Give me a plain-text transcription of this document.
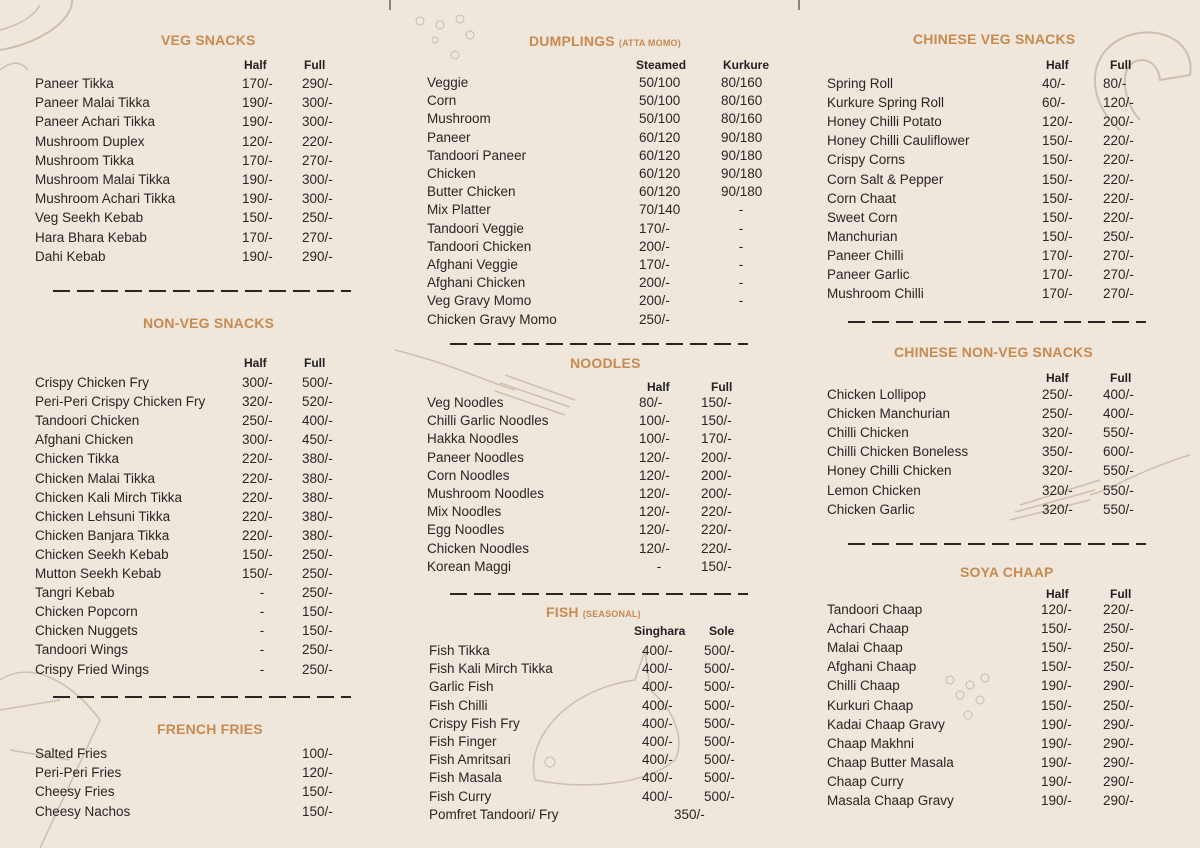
VEG SNACKS
Half	Full
Paneer Tikka	170/-	290/-
Paneer Malai Tikka	190/-	300/-
Paneer Achari Tikka	190/-	300/-
Mushroom Duplex	120/-	220/-
Mushroom Tikka	170/-	270/-
Mushroom Malai Tikka	190/-	300/-
Mushroom Achari Tikka	190/-	300/-
Veg Seekh Kebab	150/-	250/-
Hara Bhara Kebab	170/-	270/-
Dahi Kebab	190/-	290/-
NON-VEG SNACKS
Half	Full
Crispy Chicken Fry	300/-	500/-
Peri-Peri Crispy Chicken Fry	320/-	520/-
Tandoori Chicken	250/-	400/-
Afghani Chicken	300/-	450/-
Chicken Tikka	220/-	380/-
Chicken Malai Tikka	220/-	380/-
Chicken Kali Mirch Tikka	220/-	380/-
Chicken Lehsuni Tikka	220/-	380/-
Chicken Banjara Tikka	220/-	380/-
Chicken Seekh Kebab	150/-	250/-
Mutton Seekh Kebab	150/-	250/-
Tangri Kebab	-	250/-
Chicken Popcorn	-	150/-
Chicken Nuggets	-	150/-
Tandoori Wings	-	250/-
Crispy Fried Wings	-	250/-
FRENCH FRIES
Salted Fries	100/-
Peri-Peri Fries	120/-
Cheesy Fries	150/-
Cheesy Nachos	150/-
DUMPLINGS (ATTA MOMO)
Steamed	Kurkure
Veggie	50/100	80/160
Corn	50/100	80/160
Mushroom	50/100	80/160
Paneer	60/120	90/180
Tandoori Paneer	60/120	90/180
Chicken	60/120	90/180
Butter Chicken	60/120	90/180
Mix Platter	70/140	-
Tandoori Veggie	170/-	-
Tandoori Chicken	200/-	-
Afghani Veggie	170/-	-
Afghani Chicken	200/-	-
Veg Gravy Momo	200/-	-
Chicken Gravy Momo	250/-
NOODLES
Half	Full
Veg Noodles	80/-	150/-
Chilli Garlic Noodles	100/-	150/-
Hakka Noodles	100/-	170/-
Paneer Noodles	120/-	200/-
Corn Noodles	120/-	200/-
Mushroom Noodles	120/-	200/-
Mix Noodles	120/-	220/-
Egg Noodles	120/-	220/-
Chicken Noodles	120/-	220/-
Korean Maggi	-	150/-
FISH (SEASONAL)
Singhara Sole
Fish Tikka	400/-	500/-
Fish Kali Mirch Tikka	400/-	500/-
Garlic Fish	400/-	500/-
Fish Chilli	400/-	500/-
Crispy Fish Fry	400/-	500/-
Fish Finger	400/-	500/-
Fish Amritsari	400/-	500/-
Fish Masala	400/-	500/-
Fish Curry	400/-	500/-
Pomfret Tandoori/ Fry	350/-
CHINESE VEG SNACKS
Half	Full
Spring Roll	40/-	80/-
Kurkure Spring Roll	60/-	120/-
Honey Chilli Potato	120/-	200/-
Honey Chilli Cauliflower	150/-	220/-
Crispy Corns	150/-	220/-
Corn Salt & Pepper	150/-	220/-
Corn Chaat	150/-	220/-
Sweet Corn	150/-	220/-
Manchurian	150/-	250/-
Paneer Chilli	170/-	270/-
Paneer Garlic	170/-	270/-
Mushroom Chilli	170/-	270/-
CHINESE NON-VEG SNACKS
Half	Full
Chicken Lollipop	250/-	400/-
Chicken Manchurian	250/-	400/-
Chilli Chicken	320/-	550/-
Chilli Chicken Boneless	350/-	600/-
Honey Chilli Chicken	320/-	550/-
Lemon Chicken	320/-	550/-
Chicken Garlic	320/-	550/-
SOYA CHAAP
Half	Full
Tandoori Chaap	120/-	220/-
Achari Chaap	150/-	250/-
Malai Chaap	150/-	250/-
Afghani Chaap	150/-	250/-
Chilli Chaap	190/-	290/-
Kurkuri Chaap	150/-	250/-
Kadai Chaap Gravy	190/-	290/-
Chaap Makhni	190/-	290/-
Chaap Butter Masala	190/-	290/-
Chaap Curry	190/-	290/-
Masala Chaap Gravy	190/-	290/-
